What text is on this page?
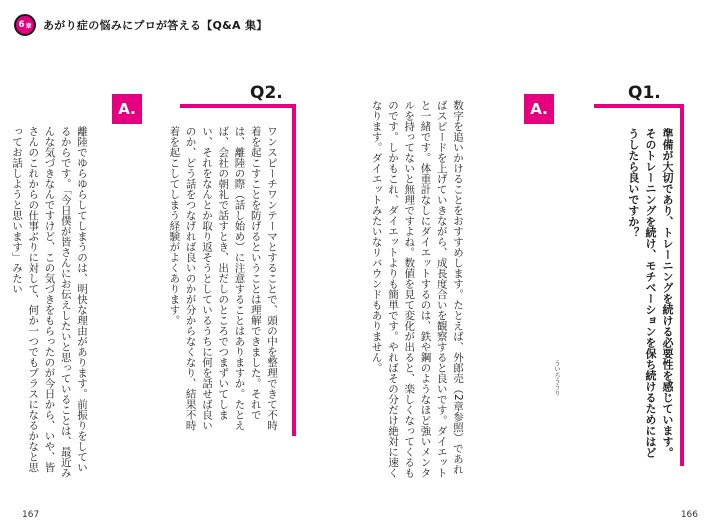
6 章 あがり症の悩みにプロが答える【Q&A 集】
Q1.
準備が大切であり、トレーニングを続ける必要性を感じています。そのトレーニングを続け、モチベーションを保ち続けるためにはどうしたら良いですか？
A.
ういろううり
数字を追いかけることをおすすめします。たとえば、外郎売（2章参照）であればスピードを上げていきながら、成長度合いを観察すると良いです。ダイエットと一緒です。体重計なしにダイエットするのは、鉄や鋼のようなほど強いメンタルを持ってないと無理ですよね。数値を見て変化が出ると、楽しくなってくるものです。しかもこれ、ダイエットよりも簡単です。やればその分だけ絶対に速くなります。ダイエットみたいなリバウンドもありません。
Q2.
ワンスピーチワンテーマとすることで、頭の中を整理できて不時着を起こすことを防げるということは理解できました。それでは、離陸の際（話し始め）に注意することはありますか。たとえば、会社の朝礼で話すとき、出だしのところでつまずいてしまい、それをなんとか取り返そうとしているうちに何を話せば良いのか、どう話をつなげれば良いのかが分からなくなり、結果不時着を起こしてしまう経験がよくあります。
A.
離陸でゆらゆらしてしまうのは、明快な理由があります。前振りをしているからです。「今日僕が皆さんにお伝えしたいと思っていることは、最近みんな気づきなんですけど、この気づきをもらったのが今日から、いや、皆さんのこれからの仕事ぶりに対して、何か一つでもプラスになるかなと思ってお話しようと思います」みたい
167	166
